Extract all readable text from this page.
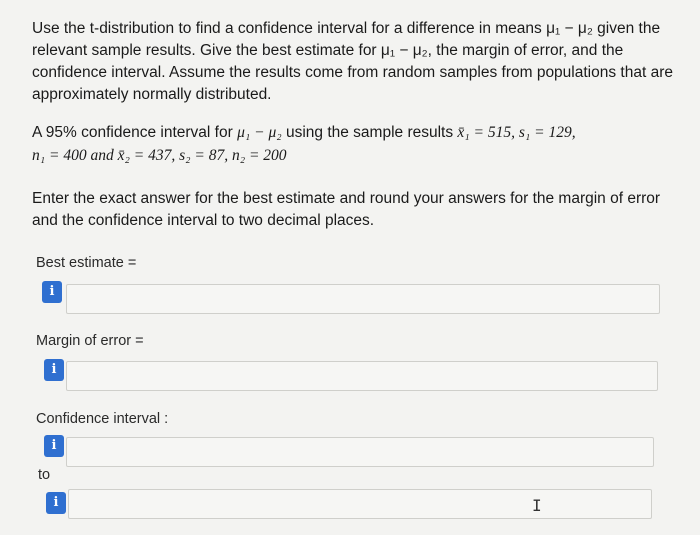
Use the t-distribution to find a confidence interval for a difference in means μ₁ − μ₂ given the
relevant sample results. Give the best estimate for μ₁ − μ₂, the margin of error, and the
confidence interval. Assume the results come from random samples from populations that are
approximately normally distributed.
A 95% confidence interval for μ₁ − μ₂ using the sample results x̄₁ = 515, s₁ = 129,
n₁ = 400 and x̄₂ = 437, s₂ = 87, n₂ = 200
Enter the exact answer for the best estimate and round your answers for the margin of error
and the confidence interval to two decimal places.
Best estimate =
i
Margin of error =
i
Confidence interval :
i
to
i	I
